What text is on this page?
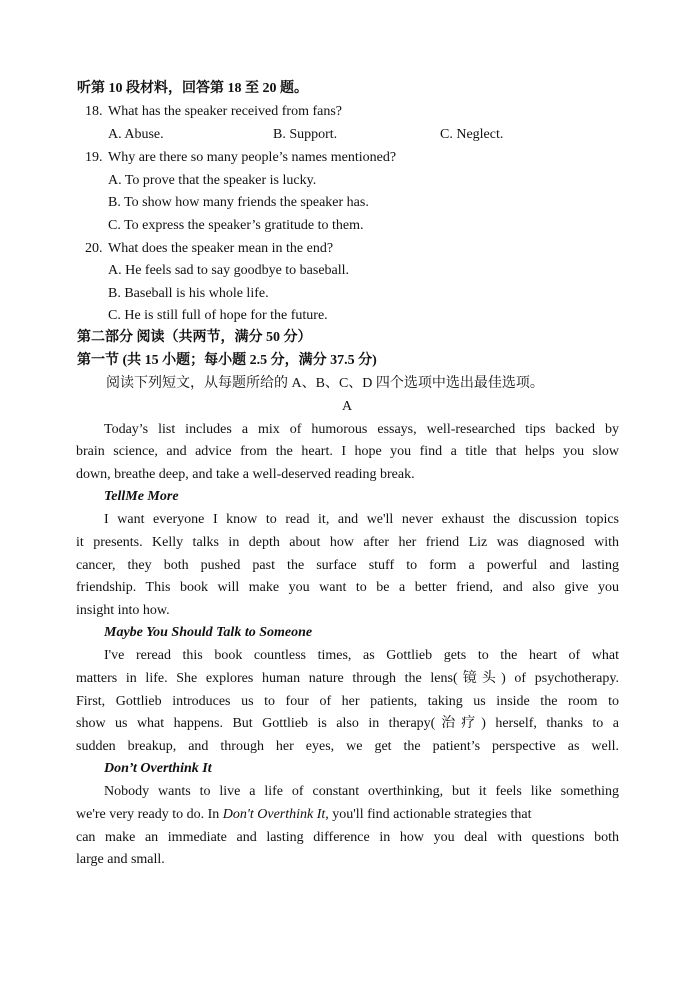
听第 10 段材料，回答第 18 至 20 题。
18. What has the speaker received from fans?
A. Abuse.	B. Support.	C. Neglect.
19. Why are there so many people’s names mentioned?
A. To prove that the speaker is lucky.
B. To show how many friends the speaker has.
C. To express the speaker’s gratitude to them.
20. What does the speaker mean in the end?
A. He feels sad to say goodbye to baseball.
B. Baseball is his whole life.
C. He is still full of hope for the future.
第二部分 阅读（共两节，满分 50 分）
第一节 (共 15 小题；每小题 2.5 分，满分 37.5 分)
阅读下列短文，从每题所给的 A、B、C、D 四个选项中选出最佳选项。
A
Today’s list includes a mix of humorous essays, well-researched tips backed by
brain science, and advice from the heart. I hope you find a title that helps you slow
down, breathe deep, and take a well-deserved reading break.
TellMe More
I want everyone I know to read it, and we'll never exhaust the discussion topics
it presents. Kelly talks in depth about how after her friend Liz was diagnosed with
cancer, they both pushed past the surface stuff to form a powerful and lasting
friendship. This book will make you want to be a better friend, and also give you
insight into how.
Maybe You Should Talk to Someone
I've reread this book countless times, as Gottlieb gets to the heart of what
matters in life. She explores human nature through the lens(镜头) of psychotherapy.
First, Gottlieb introduces us to four of her patients, taking us inside the room to
show us what happens. But Gottlieb is also in therapy(治疗) herself, thanks to a
sudden breakup, and through her eyes, we get the patient’s perspective as well.
Don’t Overthink It
Nobody wants to live a life of constant overthinking, but it feels like something
we're very ready to do. In Don't Overthink It, you'll find actionable strategies that
can make an immediate and lasting difference in how you deal with questions both
large and small.
